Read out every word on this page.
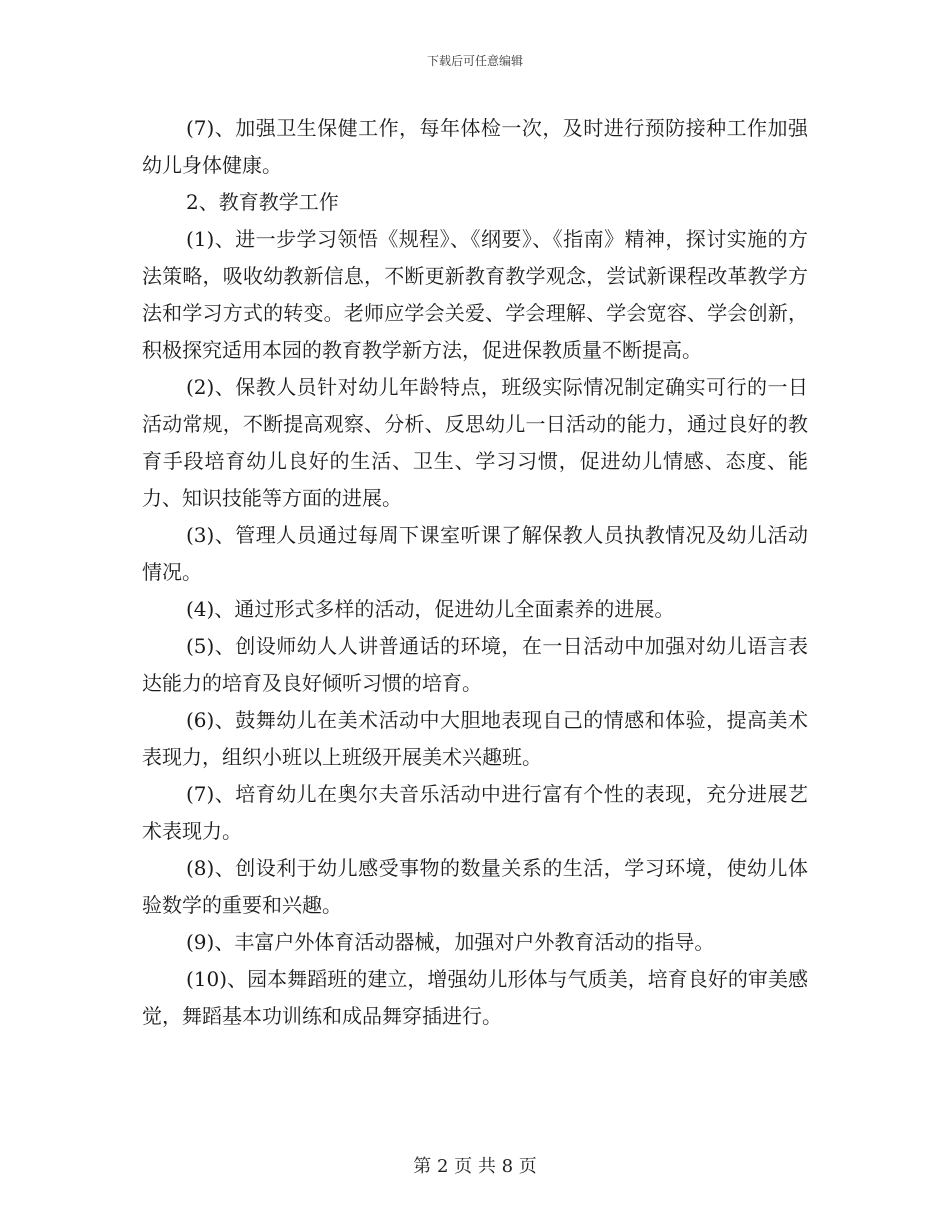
下载后可任意编辑

(7)、加强卫生保健工作，每年体检一次，及时进行预防接种工作加强幼儿身体健康。

2、教育教学工作

(1)、进一步学习领悟《规程》、《纲要》、《指南》精神，探讨实施的方法策略，吸收幼教新信息，不断更新教育教学观念，尝试新课程改革教学方法和学习方式的转变。老师应学会关爱、学会理解、学会宽容、学会创新，积极探究适用本园的教育教学新方法，促进保教质量不断提高。

(2)、保教人员针对幼儿年龄特点，班级实际情况制定确实可行的一日活动常规，不断提高观察、分析、反思幼儿一日活动的能力，通过良好的教育手段培育幼儿良好的生活、卫生、学习习惯，促进幼儿情感、态度、能力、知识技能等方面的进展。

(3)、管理人员通过每周下课室听课了解保教人员执教情况及幼儿活动情况。

(4)、通过形式多样的活动，促进幼儿全面素养的进展。

(5)、创设师幼人人讲普通话的环境，在一日活动中加强对幼儿语言表达能力的培育及良好倾听习惯的培育。

(6)、鼓舞幼儿在美术活动中大胆地表现自己的情感和体验，提高美术表现力，组织小班以上班级开展美术兴趣班。

(7)、培育幼儿在奥尔夫音乐活动中进行富有个性的表现，充分进展艺术表现力。

(8)、创设利于幼儿感受事物的数量关系的生活，学习环境，使幼儿体验数学的重要和兴趣。

(9)、丰富户外体育活动器械，加强对户外教育活动的指导。

(10)、园本舞蹈班的建立，增强幼儿形体与气质美，培育良好的审美感觉，舞蹈基本功训练和成品舞穿插进行。

第 2 页 共 8 页
